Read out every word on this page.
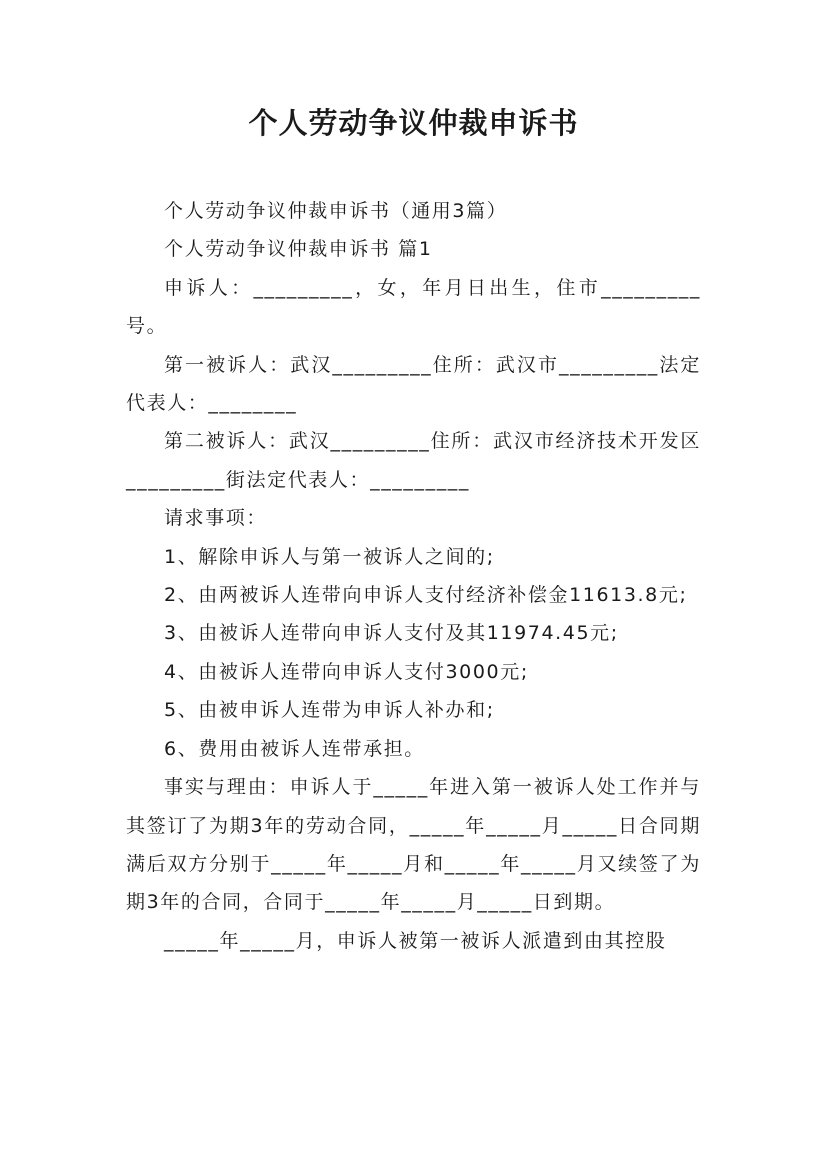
个人劳动争议仲裁申诉书

个人劳动争议仲裁申诉书（通用3篇）

个人劳动争议仲裁申诉书 篇1

申诉人：_________，女，年月日出生，住市_________号。

第一被诉人：武汉_________住所：武汉市_________法定代表人：________

第二被诉人：武汉_________住所：武汉市经济技术开发区_________街法定代表人：_________

请求事项：

1、解除申诉人与第一被诉人之间的;

2、由两被诉人连带向申诉人支付经济补偿金11613.8元;

3、由被诉人连带向申诉人支付及其11974.45元;

4、由被诉人连带向申诉人支付3000元;

5、由被申诉人连带为申诉人补办和;

6、费用由被诉人连带承担。

事实与理由：申诉人于_____年进入第一被诉人处工作并与其签订了为期3年的劳动合同，_____年_____月_____日合同期满后双方分别于_____年_____月和_____年_____月又续签了为期3年的合同，合同于_____年_____月_____日到期。

_____年_____月，申诉人被第一被诉人派遣到由其控股
